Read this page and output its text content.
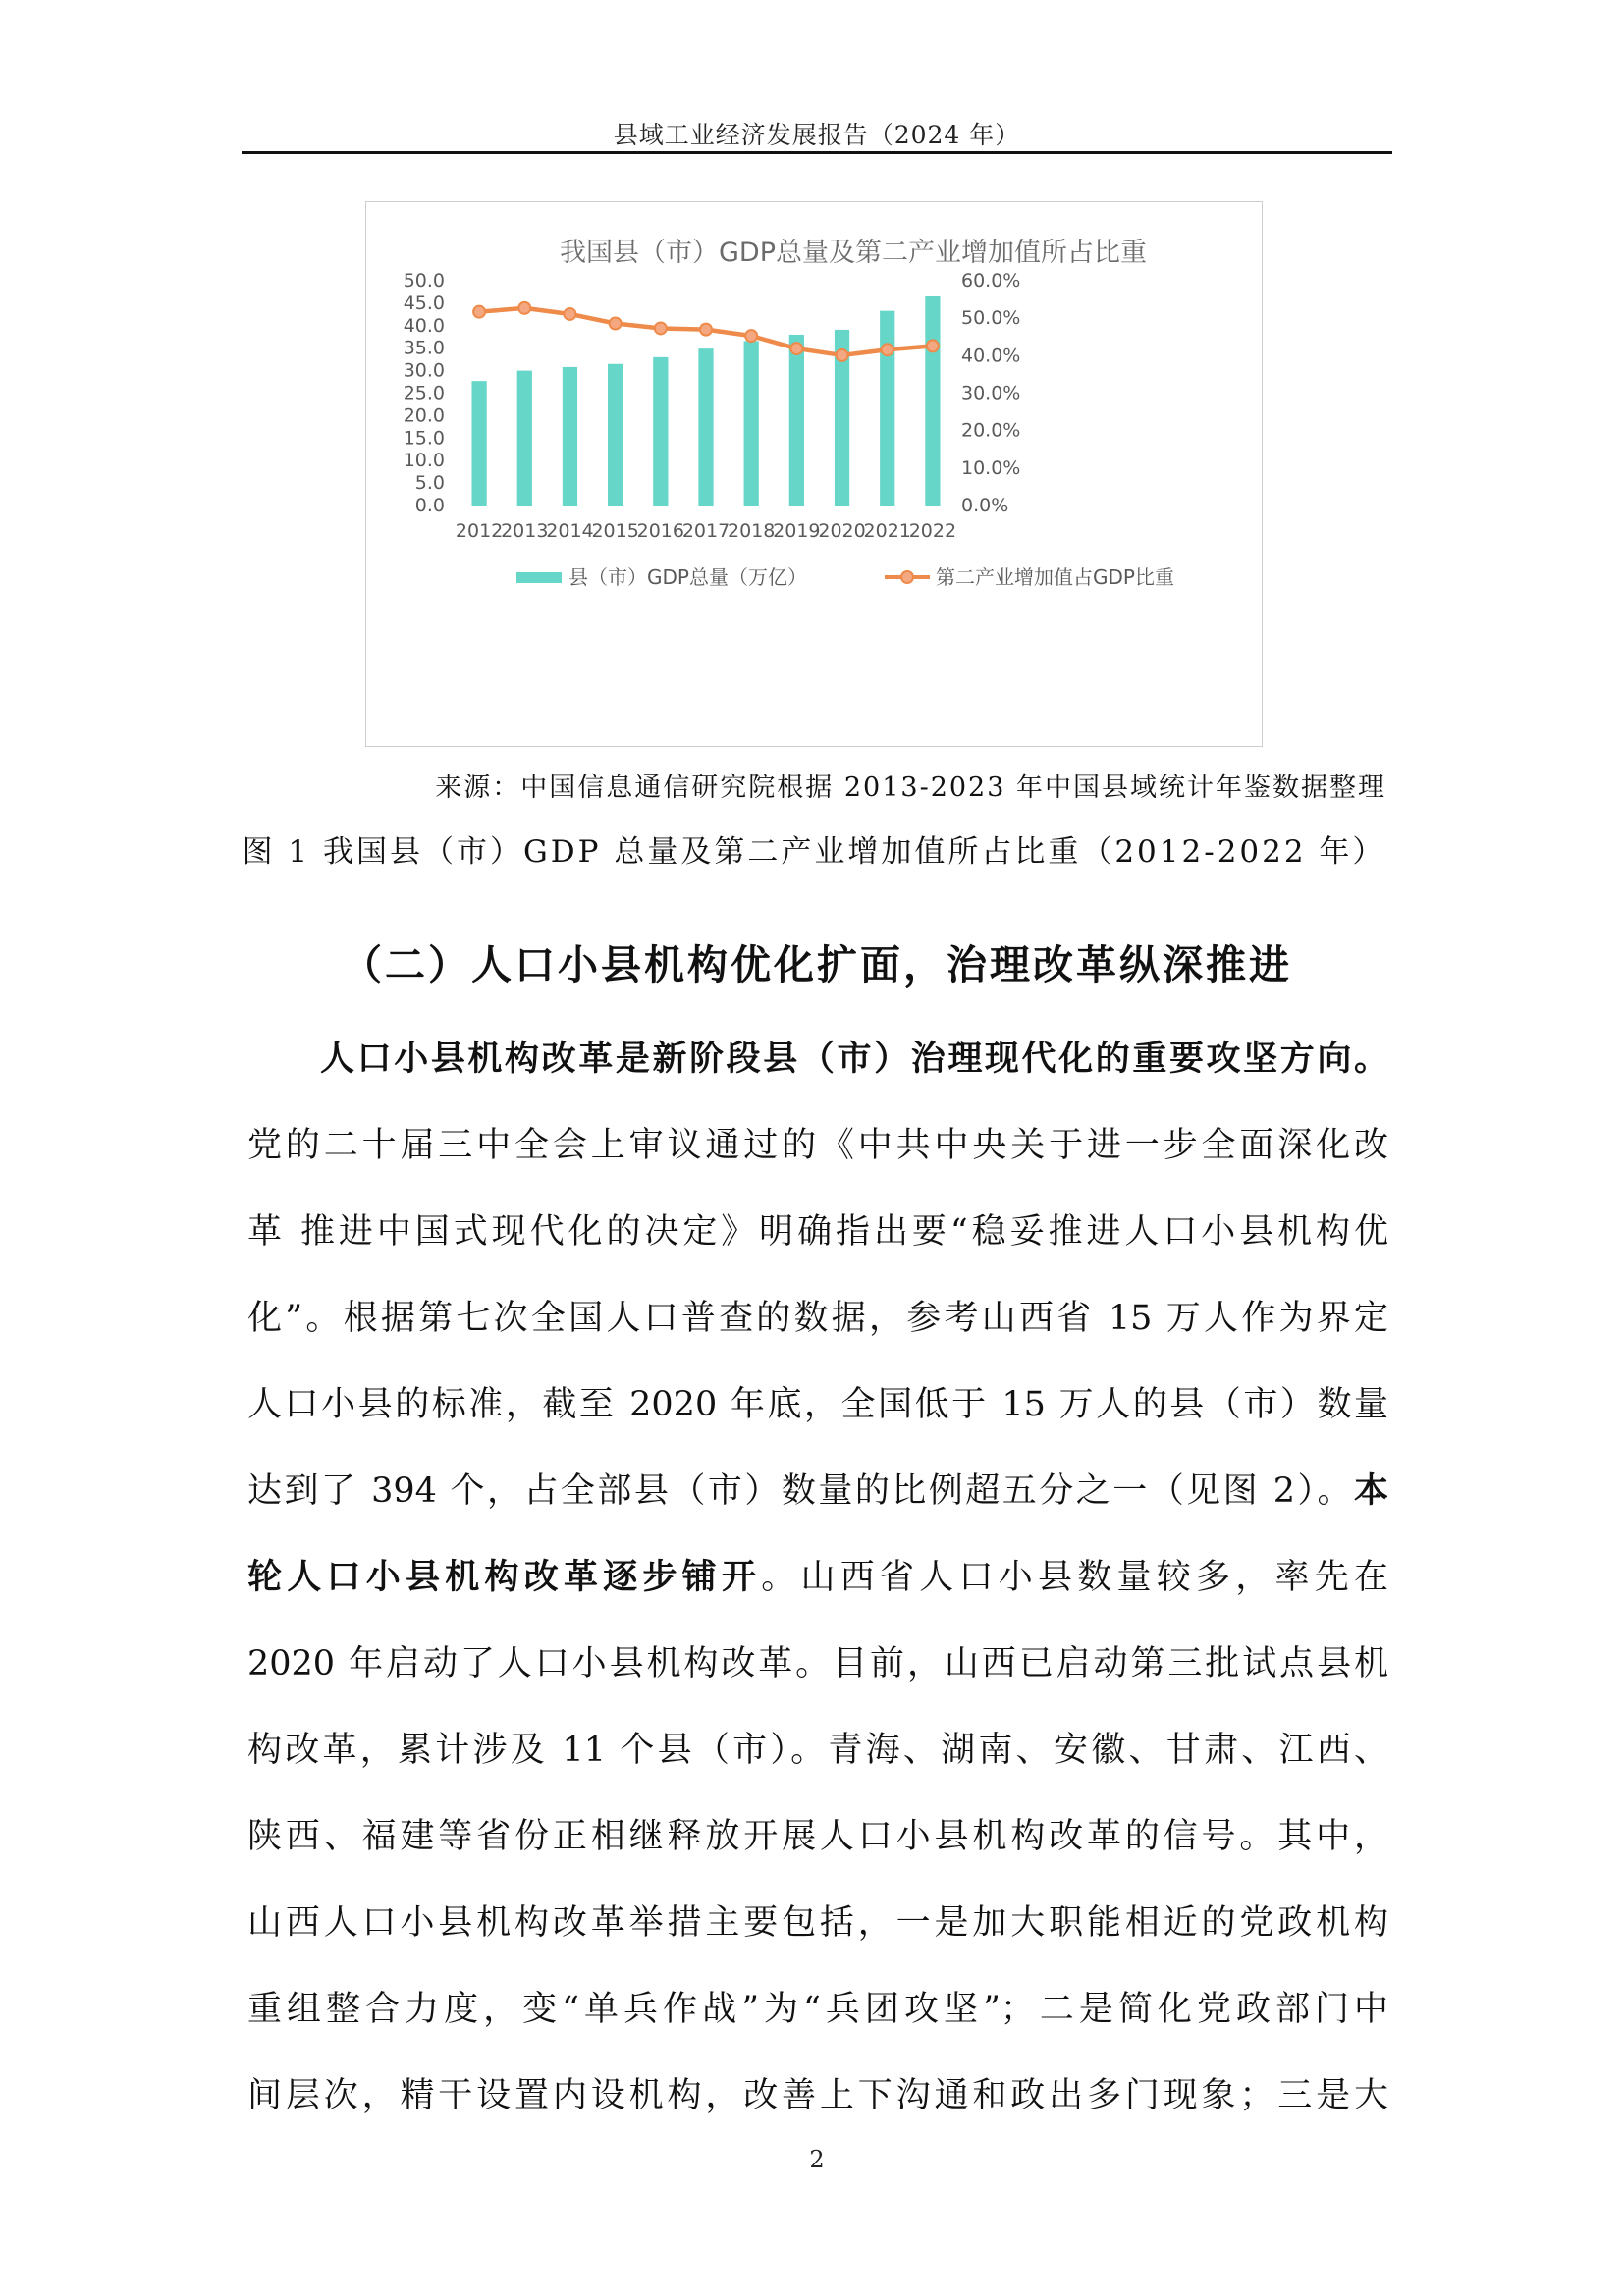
县域工业经济发展报告（2024 年）
我国县（市）GDP总量及第二产业增加值所占比重
0.0
5.0
10.0
15.0
20.0
25.0
30.0
35.0
40.0
45.0
50.0
0.0%
10.0%
20.0%
30.0%
40.0%
50.0%
60.0%
2012
2013
2014
2015
2016
2017
2018
2019
2020
2021
2022
县（市）GDP总量（万亿）	第二产业增加值占GDP比重
来源：中国信息通信研究院根据 2013-2023 年中国县域统计年鉴数据整理
图 1 我国县（市）GDP 总量及第二产业增加值所占比重（2012-2022 年）
（二）人口小县机构优化扩面，治理改革纵深推进
人口小县机构改革是新阶段县（市）治理现代化的重要攻坚方向。
党的二十届三中全会上审议通过的《中共中央关于进一步全面深化改
革 推进中国式现代化的决定》明确指出要“稳妥推进人口小县机构优
化”。根据第七次全国人口普查的数据，参考山西省 15 万人作为界定
人口小县的标准，截至 2020 年底，全国低于 15 万人的县（市）数量
达到了 394 个，占全部县（市）数量的比例超五分之一（见图 2）。本
轮人口小县机构改革逐步铺开。山西省人口小县数量较多，率先在
2020 年启动了人口小县机构改革。目前，山西已启动第三批试点县机
构改革，累计涉及 11 个县（市）。青海、湖南、安徽、甘肃、江西、
陕西、福建等省份正相继释放开展人口小县机构改革的信号。其中，
山西人口小县机构改革举措主要包括，一是加大职能相近的党政机构
重组整合力度，变“单兵作战”为“兵团攻坚”；二是简化党政部门中
间层次，精干设置内设机构，改善上下沟通和政出多门现象；三是大
2
